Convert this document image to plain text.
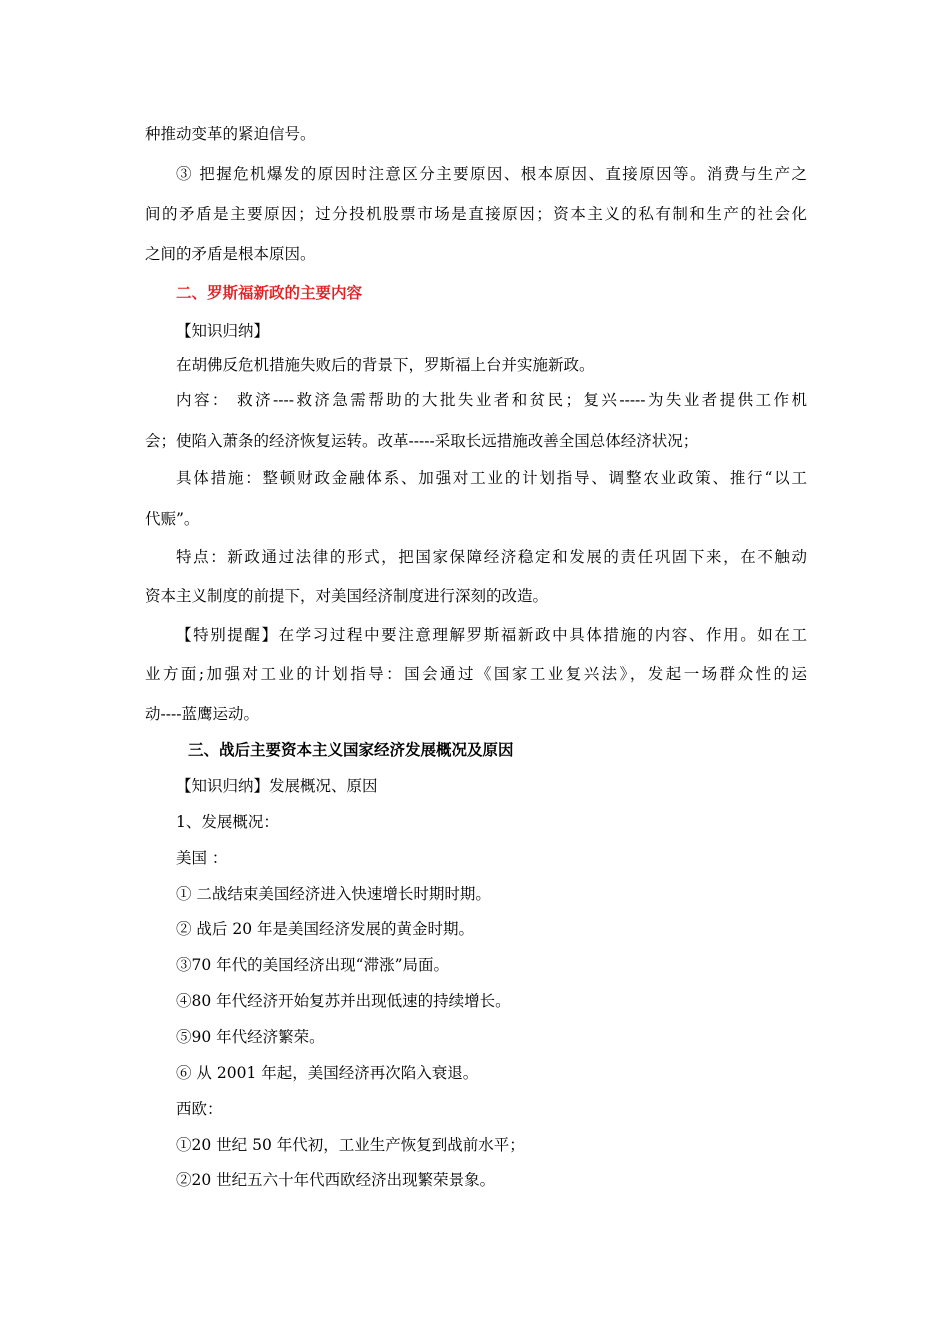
种推动变革的紧迫信号。
③ 把握危机爆发的原因时注意区分主要原因、根本原因、直接原因等。消费与生产之
间的矛盾是主要原因；过分投机股票市场是直接原因；资本主义的私有制和生产的社会化
之间的矛盾是根本原因。
二、罗斯福新政的主要内容
【知识归纳】
在胡佛反危机措施失败后的背景下，罗斯福上台并实施新政。
内容： 救济----救济急需帮助的大批失业者和贫民；复兴-----为失业者提供工作机
会；使陷入萧条的经济恢复运转。改革-----采取长远措施改善全国总体经济状况；
具体措施：整顿财政金融体系、加强对工业的计划指导、调整农业政策、推行“以工
代赈”。
特点：新政通过法律的形式，把国家保障经济稳定和发展的责任巩固下来，在不触动
资本主义制度的前提下，对美国经济制度进行深刻的改造。
【特别提醒】在学习过程中要注意理解罗斯福新政中具体措施的内容、作用。如在工
业方面;加强对工业的计划指导：国会通过《国家工业复兴法》，发起一场群众性的运
动----蓝鹰运动。
三、战后主要资本主义国家经济发展概况及原因
【知识归纳】发展概况、原因
1、发展概况：
美国 ：
① 二战结束美国经济进入快速增长时期时期。
② 战后 20 年是美国经济发展的黄金时期。
③70 年代的美国经济出现“滞涨”局面。
④80 年代经济开始复苏并出现低速的持续增长。
⑤90 年代经济繁荣。
⑥ 从 2001 年起，美国经济再次陷入衰退。
西欧：
①20 世纪 50 年代初，工业生产恢复到战前水平；
②20 世纪五六十年代西欧经济出现繁荣景象。
